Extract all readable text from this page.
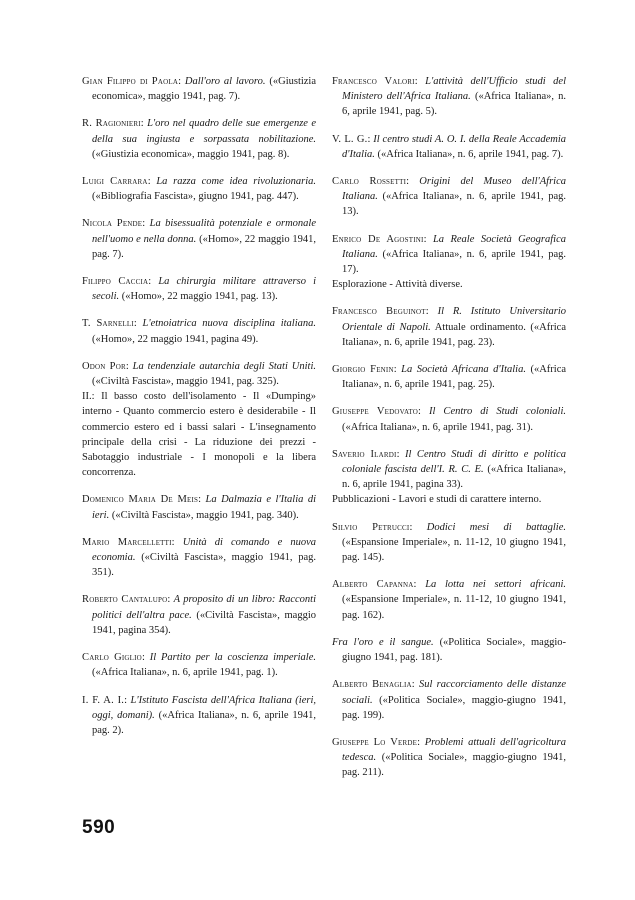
Gian Filippo di Paola: Dall'oro al lavoro. («Giustizia economica», maggio 1941, pag. 7).

R. Ragionieri: L'oro nel quadro delle sue emergenze e della sua ingiusta e sorpassata nobilitazione. («Giustizia economica», maggio 1941, pag. 8).

Luigi Carrara: La razza come idea rivoluzionaria. («Bibliografia Fascista», giugno 1941, pag. 447).

Nicola Pende: La bisessualità potenziale e ormonale nell'uomo e nella donna. («Homo», 22 maggio 1941, pag. 7).

Filippo Caccia: La chirurgia militare attraverso i secoli. («Homo», 22 maggio 1941, pag. 13).

T. Sarnelli: L'etnoiatrica nuova disciplina italiana. («Homo», 22 maggio 1941, pagina 49).

Odon Por: La tendenziale autarchia degli Stati Uniti. («Civiltà Fascista», maggio 1941, pag. 325).

II.: Il basso costo dell'isolamento - Il «Dumping» interno - Quanto commercio estero è desiderabile - Il commercio estero ed i bassi salari - L'insegnamento principale della crisi - La riduzione dei prezzi - Sabotaggio industriale - I monopoli e la libera concorrenza.

Domenico Maria De Meis: La Dalmazia e l'Italia di ieri. («Civiltà Fascista», maggio 1941, pag. 340).

Mario Marcelletti: Unità di comando e nuova economia. («Civiltà Fascista», maggio 1941, pag. 351).

Roberto Cantalupo: A proposito di un libro: Racconti politici dell'altra pace. («Civiltà Fascista», maggio 1941, pagina 354).

Carlo Giglio: Il Partito per la coscienza imperiale. («Africa Italiana», n. 6, aprile 1941, pag. 1).

I. F. A. I.: L'Istituto Fascista dell'Africa Italiana (ieri, oggi, domani). («Africa Italiana», n. 6, aprile 1941, pag. 2).

Francesco Valori: L'attività dell'Ufficio studi del Ministero dell'Africa Italiana. («Africa Italiana», n. 6, aprile 1941, pag. 5).

V. L. G.: Il centro studi A. O. I. della Reale Accademia d'Italia. («Africa Italiana», n. 6, aprile 1941, pag. 7).

Carlo Rossetti: Origini del Museo dell'Africa Italiana. («Africa Italiana», n. 6, aprile 1941, pag. 13).

Enrico De Agostini: La Reale Società Geografica Italiana. («Africa Italiana», n. 6, aprile 1941, pag. 17).

Esplorazione - Attività diverse.

Francesco Beguinot: Il R. Istituto Universitario Orientale di Napoli. Attuale ordinamento. («Africa Italiana», n. 6, aprile 1941, pag. 23).

Giorgio Fenin: La Società Africana d'Italia. («Africa Italiana», n. 6, aprile 1941, pag. 25).

Giuseppe Vedovato: Il Centro di Studi coloniali. («Africa Italiana», n. 6, aprile 1941, pag. 31).

Saverio Ilardi: Il Centro Studi di diritto e politica coloniale fascista dell'I. R. C. E. («Africa Italiana», n. 6, aprile 1941, pagina 33).

Pubblicazioni - Lavori e studi di carattere interno.

Silvio Petrucci: Dodici mesi di battaglie. («Espansione Imperiale», n. 11-12, 10 giugno 1941, pag. 145).

Alberto Capanna: La lotta nei settori africani. («Espansione Imperiale», n. 11-12, 10 giugno 1941, pag. 162).

Fra l'oro e il sangue. («Politica Sociale», maggio-giugno 1941, pag. 181).

Alberto Benaglia: Sul raccorciamento delle distanze sociali. («Politica Sociale», maggio-giugno 1941, pag. 199).

Giuseppe Lo Verde: Problemi attuali dell'agricoltura tedesca. («Politica Sociale», maggio-giugno 1941, pag. 211).

590
